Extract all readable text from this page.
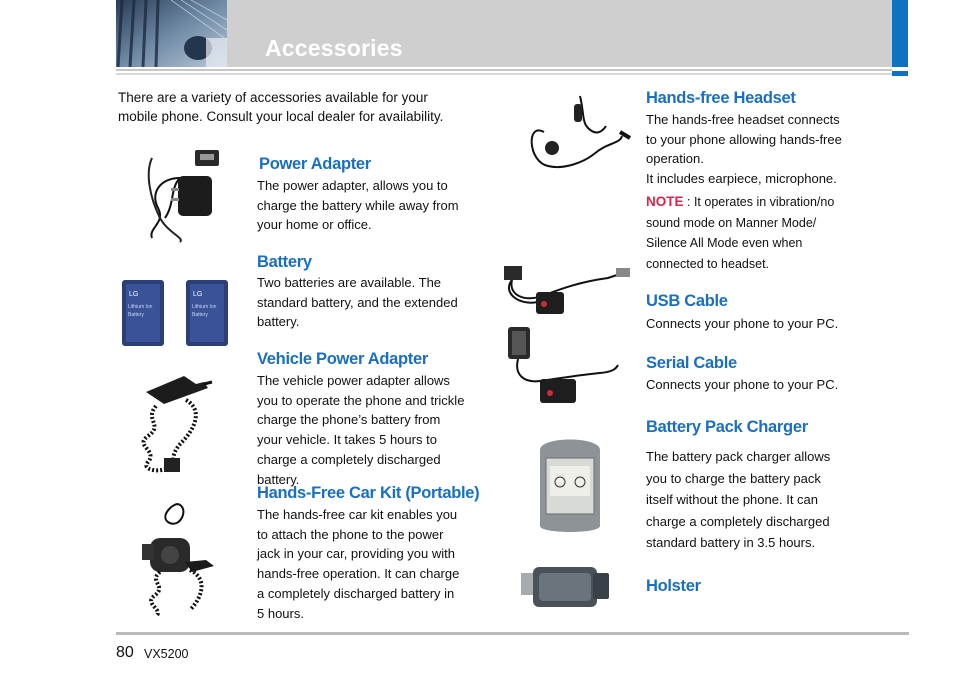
Accessories
There are a variety of accessories available for your mobile phone. Consult your local dealer for availability.
LG	LG
Lithium Ion	Lithium Ion
Battery	Battery
Power Adapter
The power adapter, allows you to charge the battery while away from your home or office.
Battery
Two batteries are available. The standard battery, and the extended battery.
Vehicle Power Adapter
The vehicle power adapter allows you to operate the phone and trickle charge the phone’s battery from your vehicle. It takes 5 hours to charge a completely discharged battery.
Hands-Free Car Kit (Portable)
The hands-free car kit enables you to attach the phone to the power jack in your car, providing you with hands-free operation. It can charge a completely discharged battery in 5 hours.
Hands-free Headset
The hands-free headset connects to your phone allowing hands-free operation.
It includes earpiece, microphone.
NOTE : It operates in vibration/no sound mode on Manner Mode/ Silence All Mode even when connected to headset.
USB Cable
Connects your phone to your PC.
Serial Cable
Connects your phone to your PC.
Battery Pack Charger
The battery pack charger allows you to charge the battery pack itself without the phone. It can charge a completely discharged standard battery in 3.5 hours.
Holster
80 VX5200
